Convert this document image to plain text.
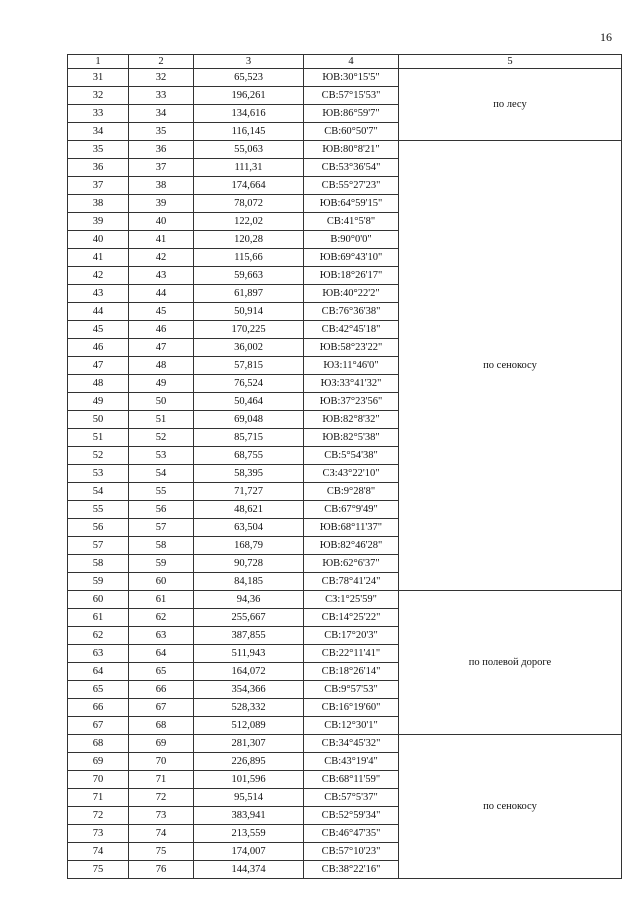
16
1	2	3	4	5
31	32	65,523	ЮВ:30°15'5"	по лесу
32	33	196,261	СВ:57°15'53"	
33	34	134,616	ЮВ:86°59'7"	
34	35	116,145	СВ:60°50'7"	
35	36	55,063	ЮВ:80°8'21"	по сенокосу
36	37	111,31	СВ:53°36'54"	
37	38	174,664	СВ:55°27'23"	
38	39	78,072	ЮВ:64°59'15"	
39	40	122,02	СВ:41°5'8"	
40	41	120,28	В:90°0'0"	
41	42	115,66	ЮВ:69°43'10"	
42	43	59,663	ЮВ:18°26'17"	
43	44	61,897	ЮВ:40°22'2"	
44	45	50,914	СВ:76°36'38"	
45	46	170,225	СВ:42°45'18"	
46	47	36,002	ЮВ:58°23'22"	
47	48	57,815	ЮЗ:11°46'0"	
48	49	76,524	ЮЗ:33°41'32"	
49	50	50,464	ЮВ:37°23'56"	
50	51	69,048	ЮВ:82°8'32"	
51	52	85,715	ЮВ:82°5'38"	
52	53	68,755	СВ:5°54'38"	
53	54	58,395	СЗ:43°22'10"	
54	55	71,727	СВ:9°28'8"	
55	56	48,621	СВ:67°9'49"	
56	57	63,504	ЮВ:68°11'37"	
57	58	168,79	ЮВ:82°46'28"	
58	59	90,728	ЮВ:62°6'37"	
59	60	84,185	СВ:78°41'24"	
60	61	94,36	СЗ:1°25'59"	по полевой дороге
61	62	255,667	СВ:14°25'22"	
62	63	387,855	СВ:17°20'3"	
63	64	511,943	СВ:22°11'41"	
64	65	164,072	СВ:18°26'14"	
65	66	354,366	СВ:9°57'53"	
66	67	528,332	СВ:16°19'60"	
67	68	512,089	СВ:12°30'1"	
68	69	281,307	СВ:34°45'32"	по сенокосу
69	70	226,895	СВ:43°19'4"	
70	71	101,596	СВ:68°11'59"	
71	72	95,514	СВ:57°5'37"	
72	73	383,941	СВ:52°59'34"	
73	74	213,559	СВ:46°47'35"	
74	75	174,007	СВ:57°10'23"	
75	76	144,374	СВ:38°22'16"	
